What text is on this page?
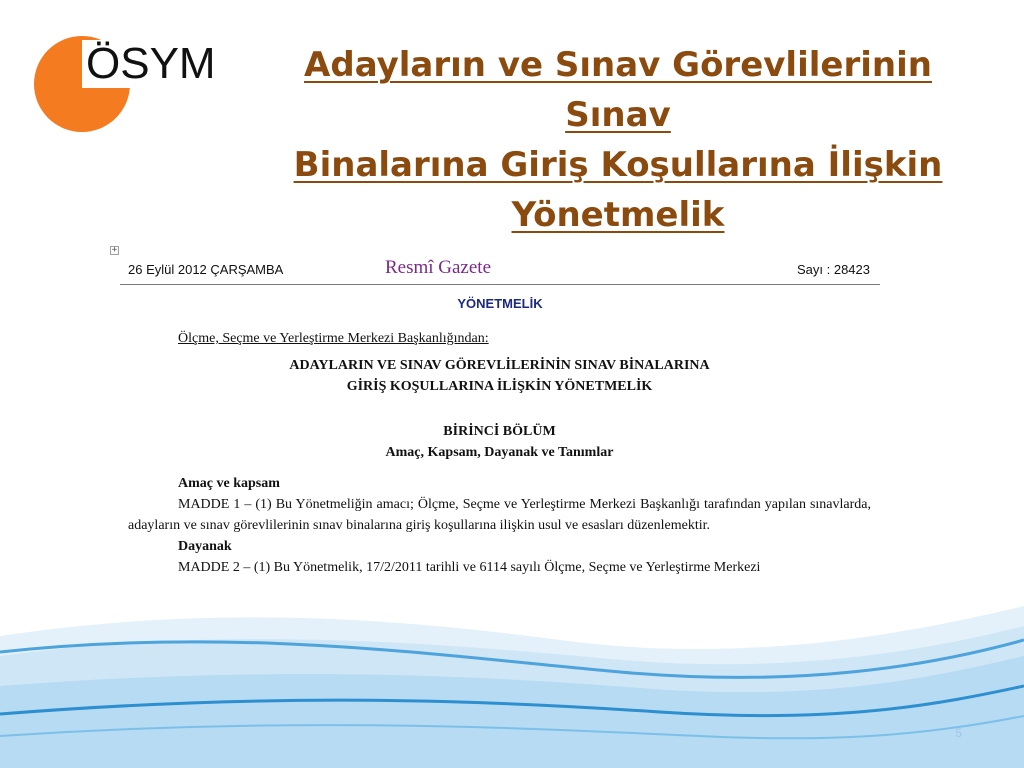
ÖSYM	Adayların ve Sınav Görevlilerinin Sınav
Binalarına Giriş Koşullarına İlişkin
Yönetmelik
+
26 Eylül 2012 ÇARŞAMBA	Resmî Gazete	Sayı : 28423
YÖNETMELİK

Ölçme, Seçme ve Yerleştirme Merkezi Başkanlığından:

ADAYLARIN VE SINAV GÖREVLİLERİNİN SINAV BİNALARINA

GİRİŞ KOŞULLARINA İLİŞKİN YÖNETMELİK

BİRİNCİ BÖLÜM

Amaç, Kapsam, Dayanak ve Tanımlar

Amaç ve kapsam

MADDE 1 – (1) Bu Yönetmeliğin amacı; Ölçme, Seçme ve Yerleştirme Merkezi Başkanlığı tarafından yapılan sınavlarda, adayların ve sınav görevlilerinin sınav binalarına giriş koşullarına ilişkin usul ve esasları düzenlemektir.

Dayanak

MADDE 2 – (1) Bu Yönetmelik, 17/2/2011 tarihli ve 6114 sayılı Ölçme, Seçme ve Yerleştirme Merkezi

5
